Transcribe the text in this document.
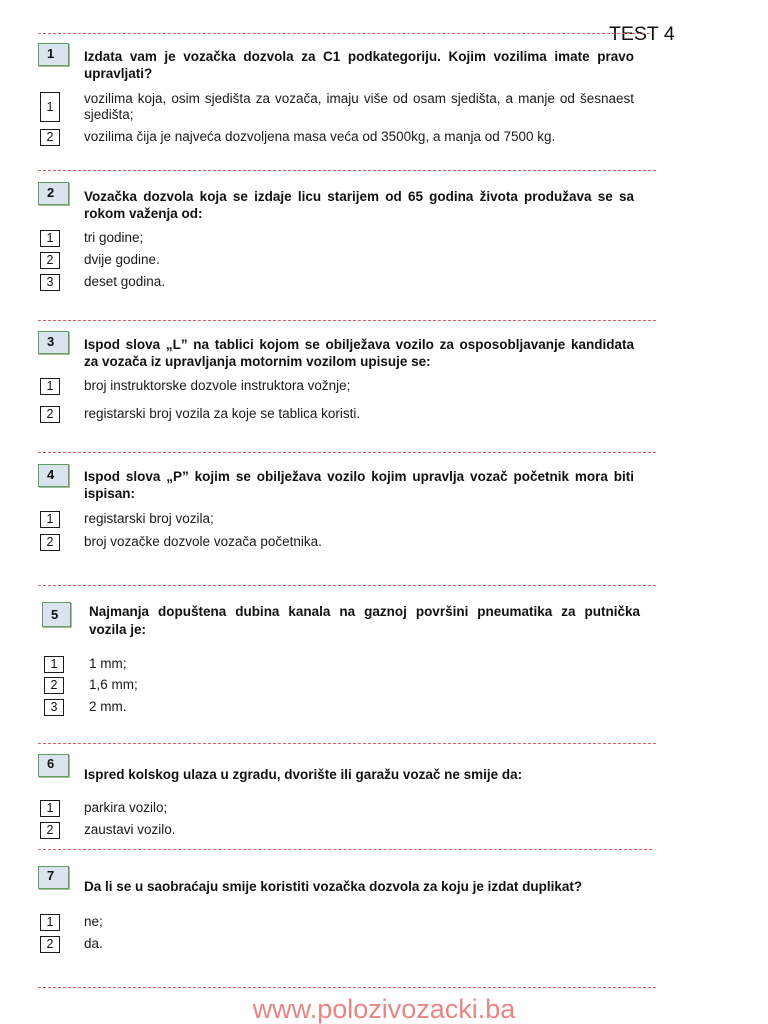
TEST 4
1 Izdata vam je vozačka dozvola za C1 podkategoriju. Kojim vozilima imate pravo
upravljati?
1
vozilima koja, osim sjedišta za vozača, imaju više od osam sjedišta, a manje od šesnaest
sjedišta;
2	vozilima čija je najveća dozvoljena masa veća od 3500kg, a manja od 7500 kg.
2 Vozačka dozvola koja se izdaje licu starijem od 65 godina života produžava se sa
rokom važenja od:
1	tri godine;
2	dvije godine.
3	deset godina.
3 Ispod slova „L” na tablici kojom se obilježava vozilo za osposobljavanje kandidata
za vozača iz upravljanja motornim vozilom upisuje se:
1	broj instruktorske dozvole instruktora vožnje;
2	registarski broj vozila za koje se tablica koristi.
4 Ispod slova „P” kojim se obilježava vozilo kojim upravlja vozač početnik mora biti
ispisan:
1	registarski broj vozila;
2	broj vozačke dozvole vozača početnika.
5 Najmanja dopuštena dubina kanala na gaznoj površini pneumatika za putnička
vozila je:
1	1 mm;
2	1,6 mm;
3	2 mm.
6
Ispred kolskog ulaza u zgradu, dvorište ili garažu vozač ne smije da:
1	parkira vozilo;
2	zaustavi vozilo.
7
Da li se u saobraćaju smije koristiti vozačka dozvola za koju je izdat duplikat?
1	ne;
2	da.
www.polozivozacki.ba
